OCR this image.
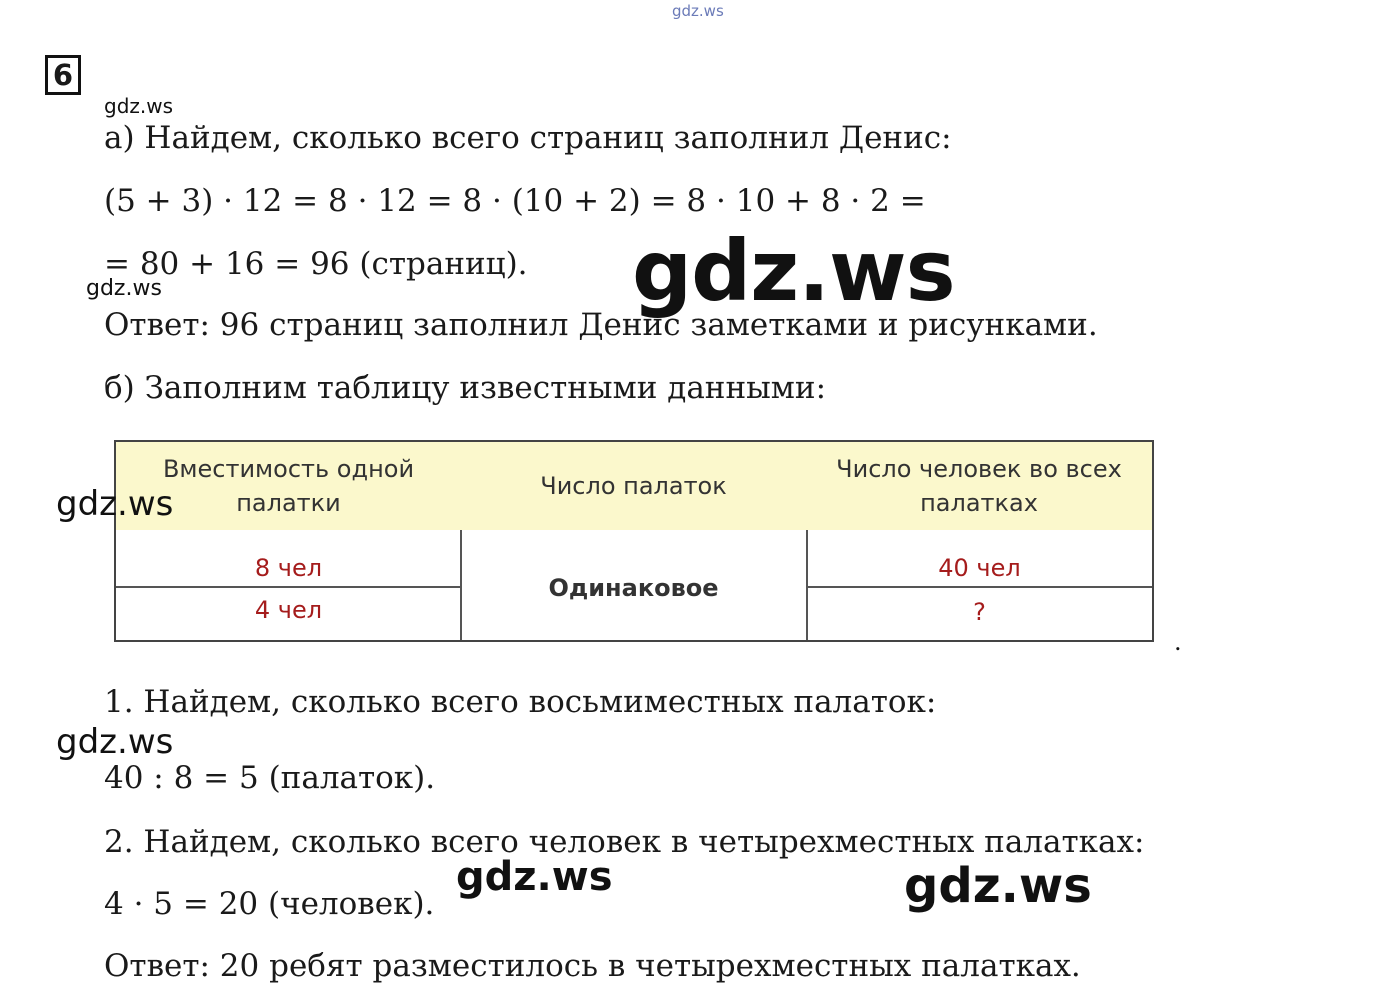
gdz.ws
6
gdz.ws
а) Найдем, сколько всего страниц заполнил Денис:
(5 + 3) · 12 = 8 · 12 = 8 · (10 + 2) = 8 · 10 + 8 · 2 =
= 80 + 16 = 96 (страниц).
gdz.ws	gdz.ws
Ответ: 96 страниц заполнил Денис заметками и рисунками.
б) Заполним таблицу известными данными:
Вместимость одной палатки
Число палаток
Число человек во всех палатках
8 чел
4 чел
Одинаковое
40 чел
?
gdz.ws
.
1. Найдем, сколько всего восьмиместных палаток:
gdz.ws
40 : 8 = 5 (палаток).
2. Найдем, сколько всего человек в четырехместных палатках:
4 · 5 = 20 (человек).
gdz.ws	gdz.ws
Ответ: 20 ребят разместилось в четырехместных палатках.
